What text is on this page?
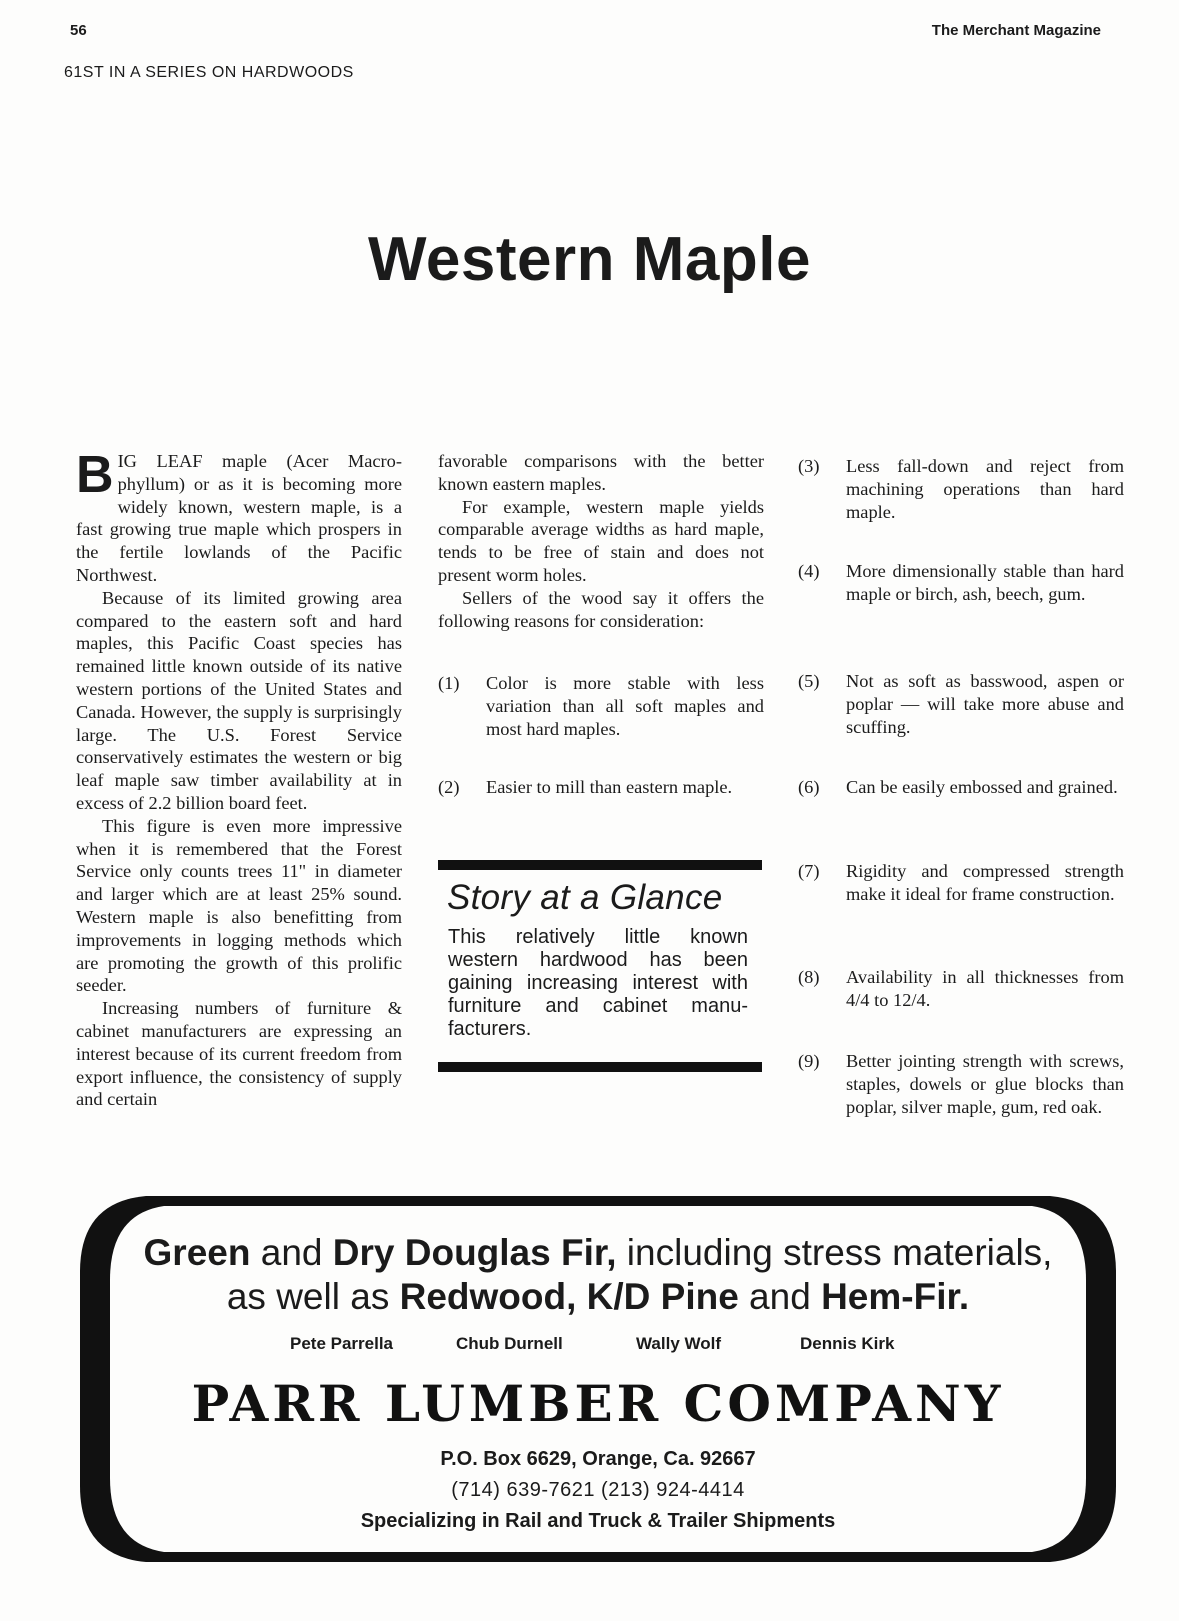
56	The Merchant Magazine
61ST IN A SERIES ON HARDWOODS
Western Maple

BIG LEAF maple (Acer Macro-phyllum) or as it is becoming more widely known, western maple, is a fast growing true maple which prospers in the fertile lowlands of the Pacific Northwest.

Because of its limited growing area compared to the eastern soft and hard maples, this Pacific Coast species has remained little known outside of its native western portions of the United States and Canada. However, the supply is surprisingly large. The U.S. Forest Service conservatively estimates the western or big leaf maple saw timber availability at in excess of 2.2 billion board feet.

This figure is even more impressive when it is remembered that the Forest Service only counts trees 11" in diameter and larger which are at least 25% sound. Western maple is also benefitting from improvements in logging methods which are promoting the growth of this prolific seeder.

Increasing numbers of furniture & cabinet manufacturers are expressing an interest because of its current freedom from export influence, the consistency of supply and certain

favorable comparisons with the better known eastern maples.

For example, western maple yields comparable average widths as hard maple, tends to be free of stain and does not present worm holes.

Sellers of the wood say it offers the following reasons for consideration:

(1) Color is more stable with less variation than all soft maples and most hard maples.
(2) Easier to mill than eastern maple.
Story at a Glance
This relatively little known western hardwood has been gaining increasing interest with furniture and cabinet manu-facturers.
(3) Less fall-down and reject from machining operations than hard maple.
(4) More dimensionally stable than hard maple or birch, ash, beech, gum.
(5) Not as soft as basswood, aspen or poplar — will take more abuse and scuffing.
(6) Can be easily embossed and grained.
(7) Rigidity and compressed strength make it ideal for frame construction.
(8) Availability in all thicknesses from 4/4 to 12/4.
(9) Better jointing strength with screws, staples, dowels or glue blocks than poplar, silver maple, gum, red oak.
Green and Dry Douglas Fir, including stress materials,
as well as Redwood, K/D Pine and Hem-Fir.
Pete Parrella	Chub Durnell	Wally Wolf	Dennis Kirk
PARR LUMBER COMPANY
P.O. Box 6629, Orange, Ca. 92667
(714) 639-7621 (213) 924-4414
Specializing in Rail and Truck & Trailer Shipments
